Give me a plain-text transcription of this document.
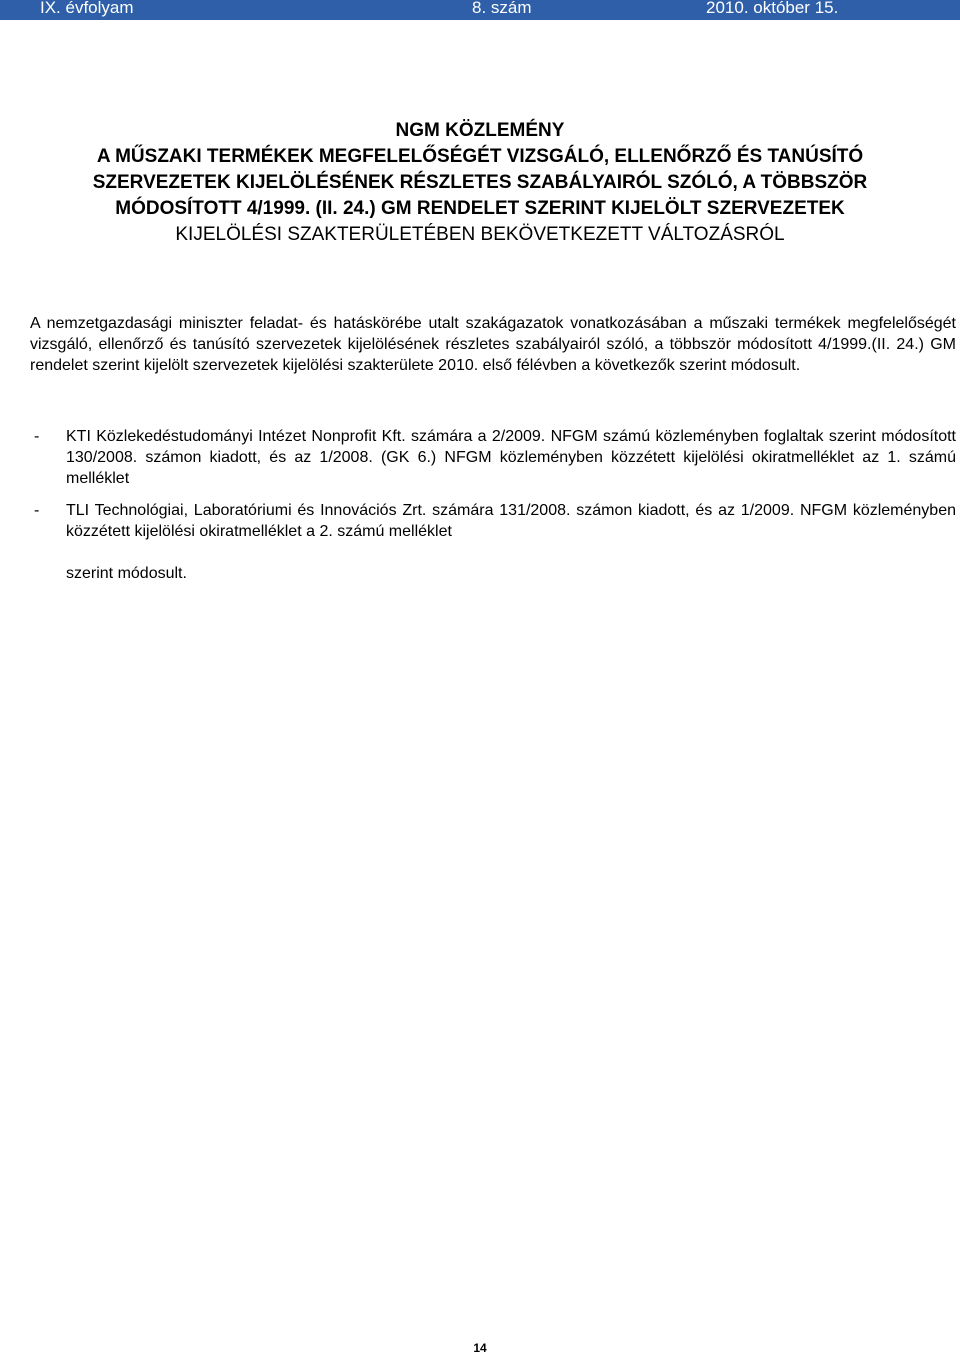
IX. évfolyam	8. szám	2010. október 15.
NGM KÖZLEMÉNY
A MŰSZAKI TERMÉKEK MEGFELELŐSÉGÉT VIZSGÁLÓ, ELLENŐRZŐ ÉS TANÚSÍTÓ
SZERVEZETEK KIJELÖLÉSÉNEK RÉSZLETES SZABÁLYAIRÓL SZÓLÓ, A TÖBBSZÖR
MÓDOSÍTOTT 4/1999. (II. 24.) GM RENDELET SZERINT KIJELÖLT SZERVEZETEK
KIJELÖLÉSI SZAKTERÜLETÉBEN BEKÖVETKEZETT VÁLTOZÁSRÓL
A nemzetgazdasági miniszter feladat- és hatáskörébe utalt szakágazatok vonatkozásában a műszaki termékek megfelelőségét vizsgáló, ellenőrző és tanúsító szervezetek kijelölésének részletes szabályairól szóló, a többször módosított 4/1999.(II. 24.) GM rendelet szerint kijelölt szervezetek kijelölési szakterülete 2010. első félévben a következők szerint módosult.
- KTI Közlekedéstudományi Intézet Nonprofit Kft. számára a 2/2009. NFGM számú közleményben foglaltak szerint módosított 130/2008. számon kiadott, és az 1/2008. (GK 6.) NFGM közleményben közzétett kijelölési okiratmelléklet az 1. számú melléklet
- TLI Technológiai, Laboratóriumi és Innovációs Zrt. számára 131/2008. számon kiadott, és az 1/2009. NFGM közleményben közzétett kijelölési okiratmelléklet a 2. számú melléklet
szerint módosult.
14
